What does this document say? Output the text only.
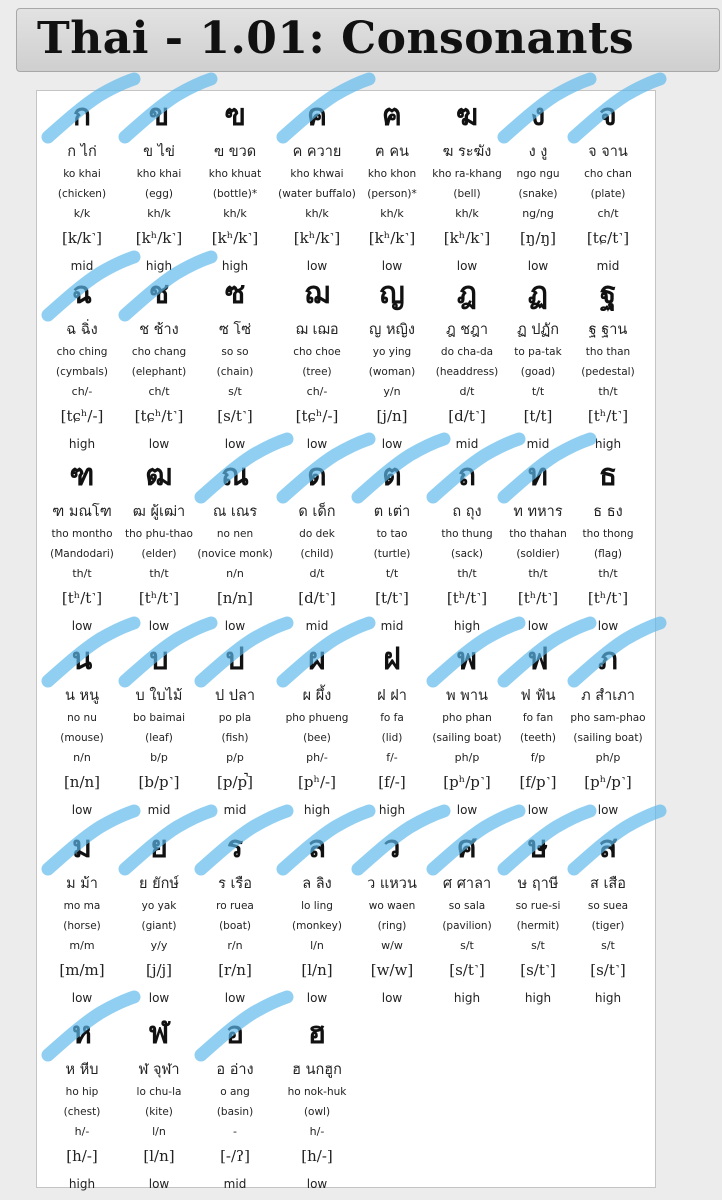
Thai - 1.01: Consonants
ก
ก ไก่
ko khai
(chicken)
k/k
[k/k˺]
mid
ข
ข ไข่
kho khai
(egg)
kh/k
[kʰ/k˺]
high
ฃ
ฃ ขวด
kho khuat
(bottle)*
kh/k
[kʰ/k˺]
high
ค
ค ควาย
kho khwai
(water buffalo)
kh/k
[kʰ/k˺]
low
ฅ
ฅ คน
kho khon
(person)*
kh/k
[kʰ/k˺]
low
ฆ
ฆ ระฆัง
kho ra-khang
(bell)
kh/k
[kʰ/k˺]
low
ง
ง งู
ngo ngu
(snake)
ng/ng
[ŋ/ŋ]
low
จ
จ จาน
cho chan
(plate)
ch/t
[tɕ/t˺]
mid
ฉ
ฉ ฉิ่ง
cho ching
(cymbals)
ch/-
[tɕʰ/-]
high
ช
ช ช้าง
cho chang
(elephant)
ch/t
[tɕʰ/t˺]
low
ซ
ซ โซ่
so so
(chain)
s/t
[s/t˺]
low
ฌ
ฌ เฌอ
cho choe
(tree)
ch/-
[tɕʰ/-]
low
ญ
ญ หญิง
yo ying
(woman)
y/n
[j/n]
low
ฎ
ฎ ชฎา
do cha-da
(headdress)
d/t
[d/t˺]
mid
ฏ
ฏ ปฏัก
to pa-tak
(goad)
t/t
[t/t]
mid
ฐ
ฐ ฐาน
tho than
(pedestal)
th/t
[tʰ/t˺]
high
ฑ
ฑ มณโฑ
tho montho
(Mandodari)
th/t
[tʰ/t˺]
low
ฒ
ฒ ผู้เฒ่า
tho phu-thao
(elder)
th/t
[tʰ/t˺]
low
ณ
ณ เณร
no nen
(novice monk)
n/n
[n/n]
low
ด
ด เด็ก
do dek
(child)
d/t
[d/t˺]
mid
ต
ต เต่า
to tao
(turtle)
t/t
[t/t˺]
mid
ถ
ถ ถุง
tho thung
(sack)
th/t
[tʰ/t˺]
high
ท
ท ทหาร
tho thahan
(soldier)
th/t
[tʰ/t˺]
low
ธ
ธ ธง
tho thong
(flag)
th/t
[tʰ/t˺]
low
น
น หนู
no nu
(mouse)
n/n
[n/n]
low
บ
บ ใบไม้
bo baimai
(leaf)
b/p
[b/p˺]
mid
ป
ป ปลา
po pla
(fish)
p/p
[p/p̚]
mid
ผ
ผ ผึ้ง
pho phueng
(bee)
ph/-
[pʰ/-]
high
ฝ
ฝ ฝา
fo fa
(lid)
f/-
[f/-]
high
พ
พ พาน
pho phan
(sailing boat)
ph/p
[pʰ/p˺]
low
ฟ
ฟ ฟัน
fo fan
(teeth)
f/p
[f/p˺]
low
ภ
ภ สำเภา
pho sam-phao
(sailing boat)
ph/p
[pʰ/p˺]
low
ม
ม ม้า
mo ma
(horse)
m/m
[m/m]
low
ย
ย ยักษ์
yo yak
(giant)
y/y
[j/j]
low
ร
ร เรือ
ro ruea
(boat)
r/n
[r/n]
low
ล
ล ลิง
lo ling
(monkey)
l/n
[l/n]
low
ว
ว แหวน
wo waen
(ring)
w/w
[w/w]
low
ศ
ศ ศาลา
so sala
(pavilion)
s/t
[s/t˺]
high
ษ
ษ ฤาษี
so rue-si
(hermit)
s/t
[s/t˺]
high
ส
ส เสือ
so suea
(tiger)
s/t
[s/t˺]
high
ห
ห หีบ
ho hip
(chest)
h/-
[h/-]
high
ฬ
ฬ จุฬา
lo chu-la
(kite)
l/n
[l/n]
low
อ
อ อ่าง
o ang
(basin)
-
[-/ʔ]
mid
ฮ
ฮ นกฮูก
ho nok-huk
(owl)
h/-
[h/-]
low
